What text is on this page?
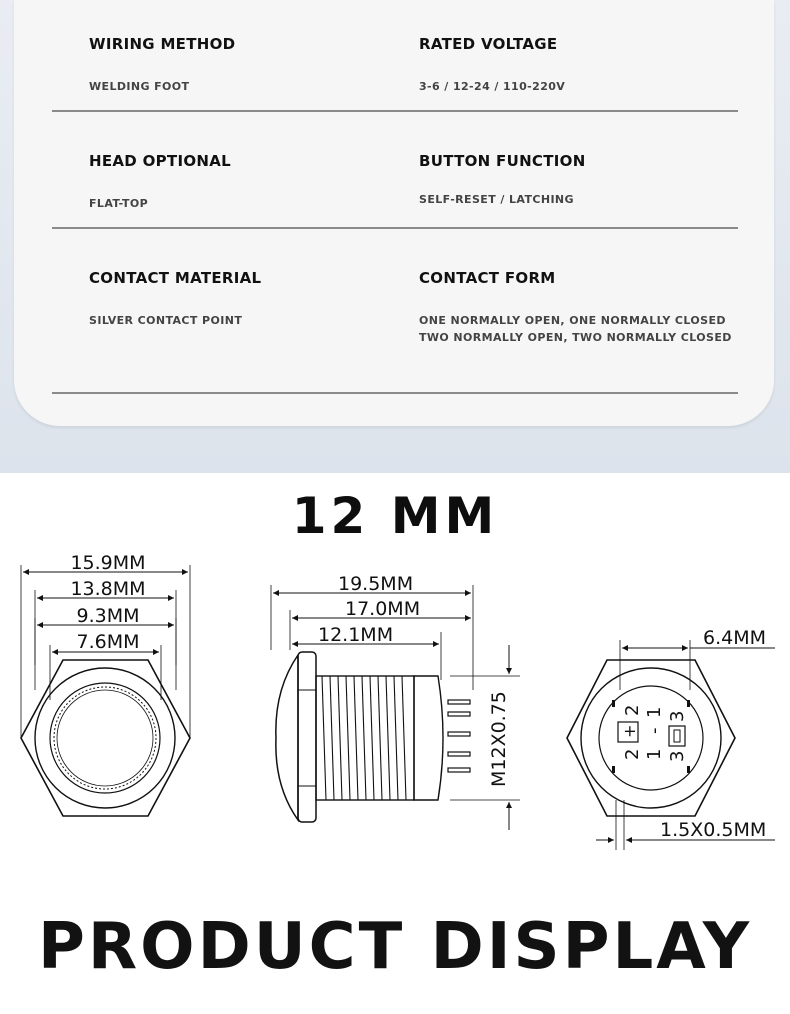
WIRING METHOD
WELDING FOOT
RATED VOLTAGE
3-6 / 12-24 / 110-220V
HEAD OPTIONAL
FLAT-TOP
BUTTON FUNCTION
SELF-RESET / LATCHING
CONTACT MATERIAL
SILVER CONTACT POINT
CONTACT FORM
ONE NORMALLY OPEN, ONE NORMALLY CLOSED
TWO NORMALLY OPEN, TWO NORMALLY CLOSED
12 MM
15.9MM
13.8MM
9.3MM
7.6MM
19.5MM
17.0MM
12.1MM
M12X0.75
6.4MM
1.5X0.5MM
2
+
1
-
3
2 1 3
PRODUCT DISPLAY
